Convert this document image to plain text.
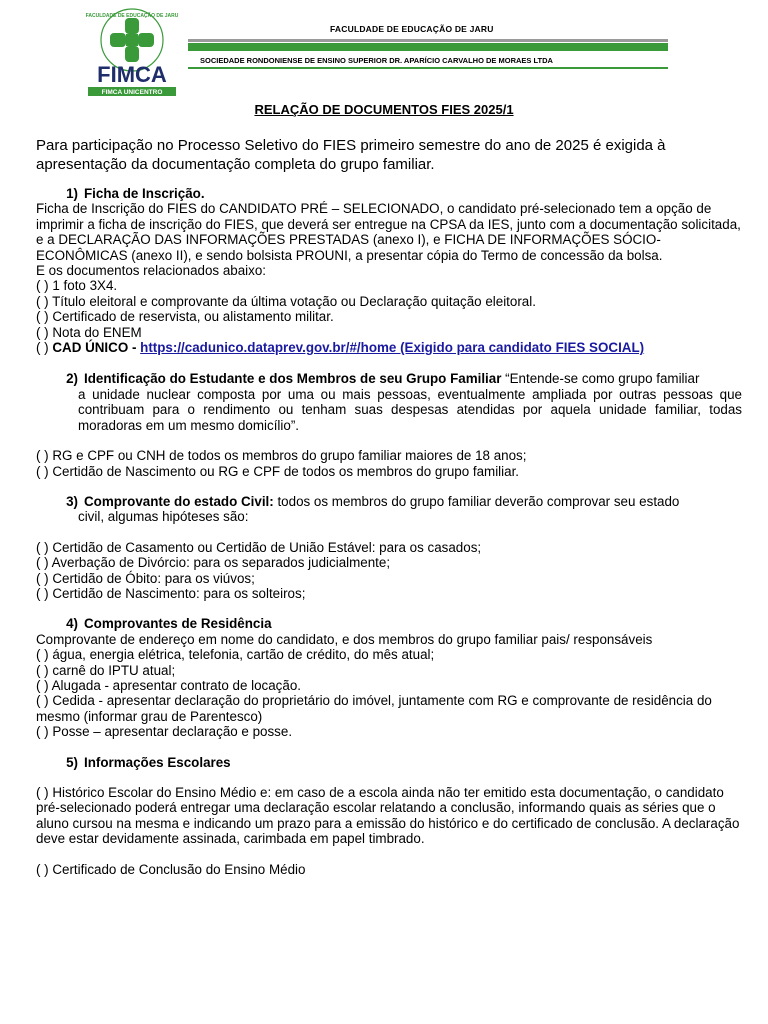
FACULDADE DE EDUCAÇÃO DE JARU
FIMCA
FIMCA UNICENTRO
FACULDADE DE EDUCAÇÃO DE JARU
SOCIEDADE RONDONIENSE DE ENSINO SUPERIOR DR. APARÍCIO CARVALHO DE MORAES LTDA
RELAÇÃO DE DOCUMENTOS FIES 2025/1
Para participação no Processo Seletivo do FIES primeiro semestre do ano de 2025 é exigida à apresentação da documentação completa do grupo familiar.

1) Ficha de Inscrição.

Ficha de Inscrição do FIES do CANDIDATO PRÉ – SELECIONADO, o candidato pré-selecionado tem a opção de imprimir a ficha de inscrição do FIES, que deverá ser entregue na CPSA da IES, junto com a documentação solicitada, e a DECLARAÇÃO DAS INFORMAÇÕES PRESTADAS (anexo I), e FICHA DE INFORMAÇÕES SÓCIO-ECONÔMICAS (anexo II), e sendo bolsista PROUNI, a presentar cópia do Termo de concessão da bolsa.

E os documentos relacionados abaixo:

( ) 1 foto 3X4.

( ) Título eleitoral e comprovante da última votação ou Declaração quitação eleitoral.

( ) Certificado de reservista, ou alistamento militar.

( ) Nota do ENEM

( ) CAD ÚNICO - https://cadunico.dataprev.gov.br/#/home (Exigido para candidato FIES SOCIAL)

2) Identificação do Estudante e dos Membros de seu Grupo Familiar “Entende-se como grupo familiar

a unidade nuclear composta por uma ou mais pessoas, eventualmente ampliada por outras pessoas que contribuam para o rendimento ou tenham suas despesas atendidas por aquela unidade familiar, todas moradoras em um mesmo domicílio”.

( ) RG e CPF ou CNH de todos os membros do grupo familiar maiores de 18 anos;

( ) Certidão de Nascimento ou RG e CPF de todos os membros do grupo familiar.

3) Comprovante do estado Civil: todos os membros do grupo familiar deverão comprovar seu estado

civil, algumas hipóteses são:

( ) Certidão de Casamento ou Certidão de União Estável: para os casados;

( ) Averbação de Divórcio: para os separados judicialmente;

( ) Certidão de Óbito: para os viúvos;

( ) Certidão de Nascimento: para os solteiros;

4) Comprovantes de Residência

Comprovante de endereço em nome do candidato, e dos membros do grupo familiar pais/ responsáveis

( ) água, energia elétrica, telefonia, cartão de crédito, do mês atual;

( ) carnê do IPTU atual;

( ) Alugada - apresentar contrato de locação.

( ) Cedida - apresentar declaração do proprietário do imóvel, juntamente com RG e comprovante de residência do mesmo (informar grau de Parentesco)

( ) Posse – apresentar declaração e posse.

5) Informações Escolares

( ) Histórico Escolar do Ensino Médio e: em caso de a escola ainda não ter emitido esta documentação, o candidato pré-selecionado poderá entregar uma declaração escolar relatando a conclusão, informando quais as séries que o aluno cursou na mesma e indicando um prazo para a emissão do histórico e do certificado de conclusão. A declaração deve estar devidamente assinada, carimbada em papel timbrado.

( ) Certificado de Conclusão do Ensino Médio
